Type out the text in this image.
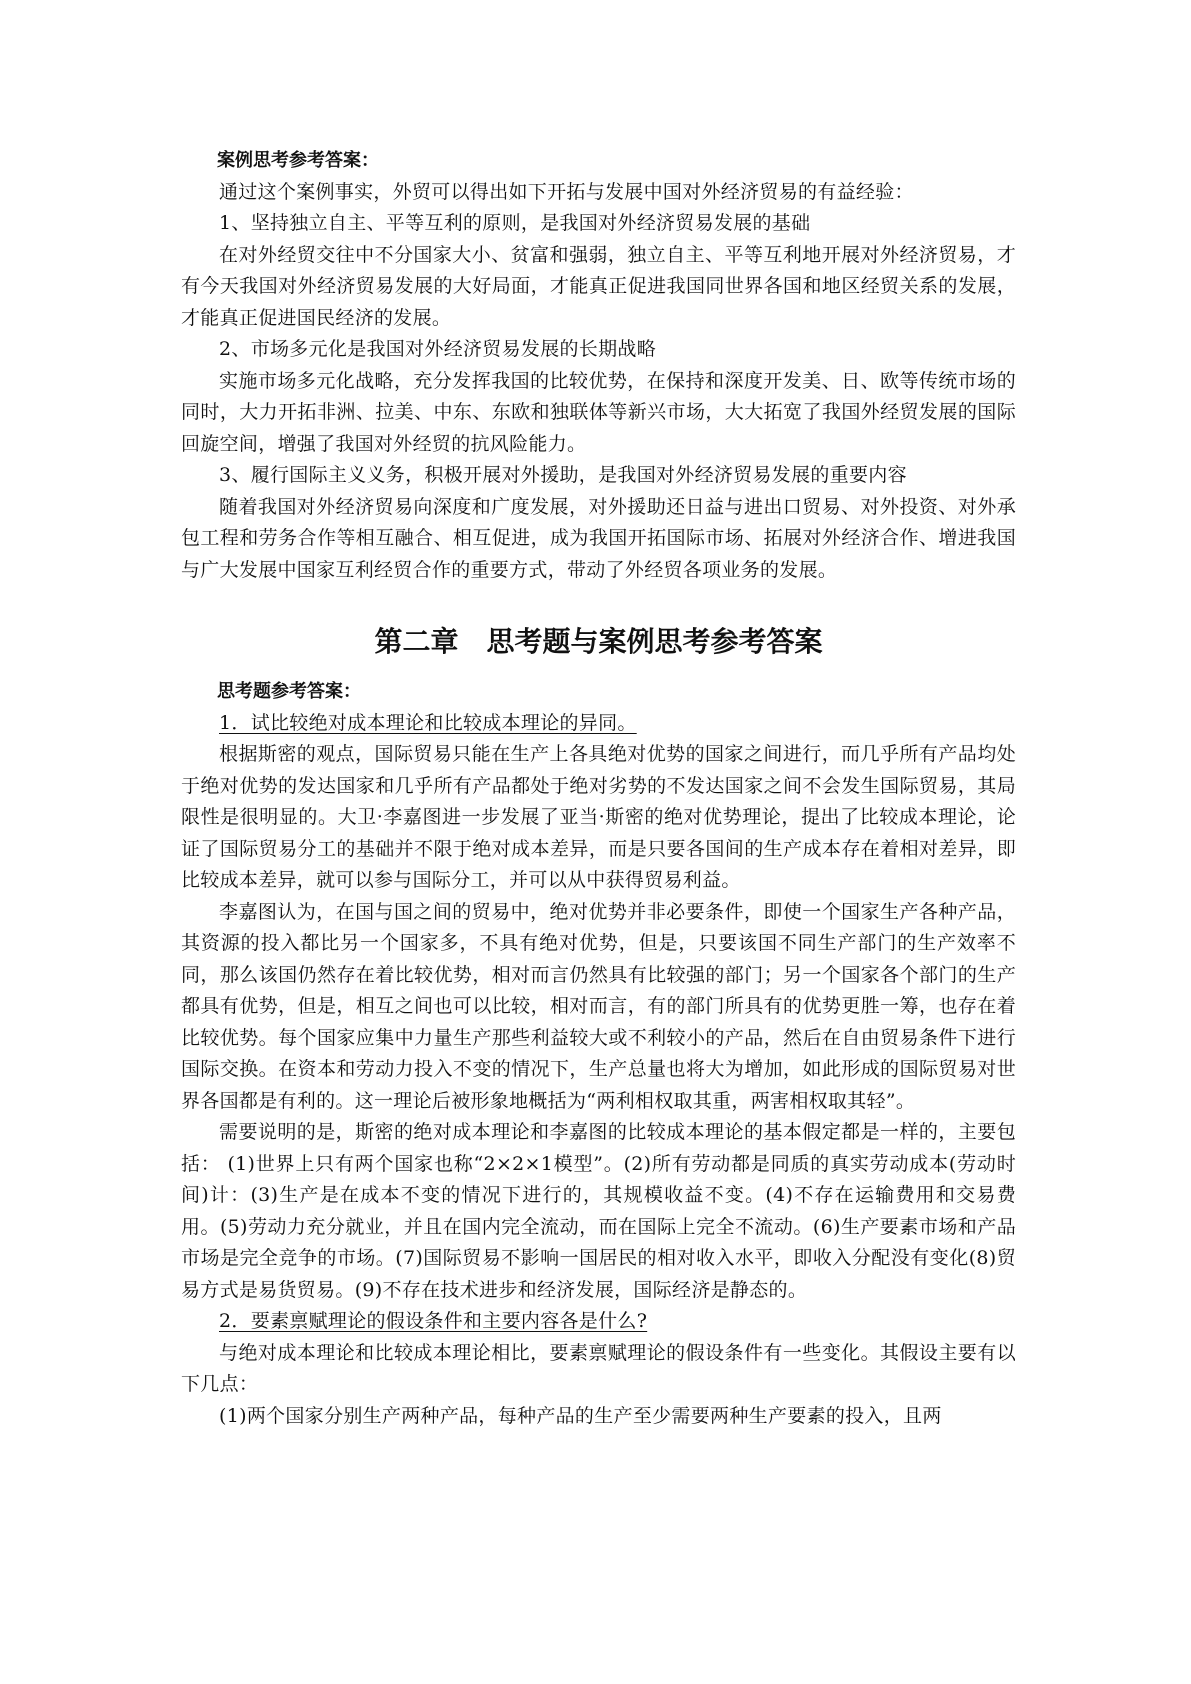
案例思考参考答案：

通过这个案例事实，外贸可以得出如下开拓与发展中国对外经济贸易的有益经验：

1、坚持独立自主、平等互利的原则，是我国对外经济贸易发展的基础

在对外经贸交往中不分国家大小、贫富和强弱，独立自主、平等互利地开展对外经济贸易，才有今天我国对外经济贸易发展的大好局面，才能真正促进我国同世界各国和地区经贸关系的发展，才能真正促进国民经济的发展。

2、市场多元化是我国对外经济贸易发展的长期战略

实施市场多元化战略，充分发挥我国的比较优势，在保持和深度开发美、日、欧等传统市场的同时，大力开拓非洲、拉美、中东、东欧和独联体等新兴市场，大大拓宽了我国外经贸发展的国际回旋空间，增强了我国对外经贸的抗风险能力。

3、履行国际主义义务，积极开展对外援助，是我国对外经济贸易发展的重要内容

随着我国对外经济贸易向深度和广度发展，对外援助还日益与进出口贸易、对外投资、对外承包工程和劳务合作等相互融合、相互促进，成为我国开拓国际市场、拓展对外经济合作、增进我国与广大发展中国家互利经贸合作的重要方式，带动了外经贸各项业务的发展。

第二章　思考题与案例思考参考答案

思考题参考答案：

1．试比较绝对成本理论和比较成本理论的异同。

根据斯密的观点，国际贸易只能在生产上各具绝对优势的国家之间进行，而几乎所有产品均处于绝对优势的发达国家和几乎所有产品都处于绝对劣势的不发达国家之间不会发生国际贸易，其局限性是很明显的。大卫·李嘉图进一步发展了亚当·斯密的绝对优势理论，提出了比较成本理论，论证了国际贸易分工的基础并不限于绝对成本差异，而是只要各国间的生产成本存在着相对差异，即比较成本差异，就可以参与国际分工，并可以从中获得贸易利益。

李嘉图认为，在国与国之间的贸易中，绝对优势并非必要条件，即使一个国家生产各种产品，其资源的投入都比另一个国家多，不具有绝对优势，但是，只要该国不同生产部门的生产效率不同，那么该国仍然存在着比较优势，相对而言仍然具有比较强的部门；另一个国家各个部门的生产都具有优势，但是，相互之间也可以比较，相对而言，有的部门所具有的优势更胜一筹，也存在着比较优势。每个国家应集中力量生产那些利益较大或不利较小的产品，然后在自由贸易条件下进行国际交换。在资本和劳动力投入不变的情况下，生产总量也将大为增加，如此形成的国际贸易对世界各国都是有利的。这一理论后被形象地概括为“两利相权取其重，两害相权取其轻”。

需要说明的是，斯密的绝对成本理论和李嘉图的比较成本理论的基本假定都是一样的，主要包括： (1)世界上只有两个国家也称“2×2×1模型”。(2)所有劳动都是同质的真实劳动成本(劳动时间)计：(3)生产是在成本不变的情况下进行的，其规模收益不变。(4)不存在运输费用和交易费用。(5)劳动力充分就业，并且在国内完全流动，而在国际上完全不流动。(6)生产要素市场和产品市场是完全竞争的市场。(7)国际贸易不影响一国居民的相对收入水平，即收入分配没有变化(8)贸易方式是易货贸易。(9)不存在技术进步和经济发展，国际经济是静态的。

2．要素禀赋理论的假设条件和主要内容各是什么?

与绝对成本理论和比较成本理论相比，要素禀赋理论的假设条件有一些变化。其假设主要有以下几点：

(1)两个国家分别生产两种产品，每种产品的生产至少需要两种生产要素的投入，且两
